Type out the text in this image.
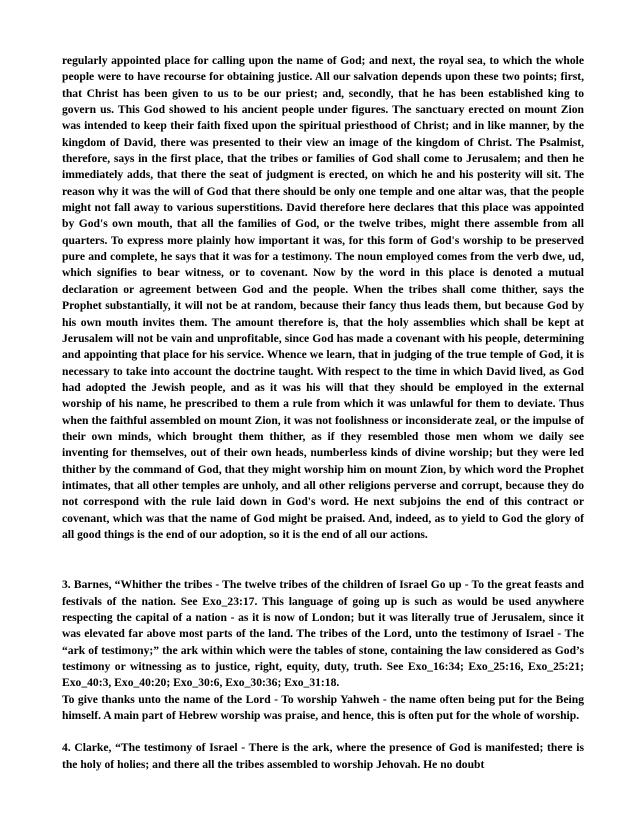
regularly appointed place for calling upon the name of God; and next, the royal sea, to which the whole people were to have recourse for obtaining justice. All our salvation depends upon these two points; first, that Christ has been given to us to be our priest; and, secondly, that he has been established king to govern us. This God showed to his ancient people under figures. The sanctuary erected on mount Zion was intended to keep their faith fixed upon the spiritual priesthood of Christ; and in like manner, by the kingdom of David, there was presented to their view an image of the kingdom of Christ. The Psalmist, therefore, says in the first place, that the tribes or families of God shall come to Jerusalem; and then he immediately adds, that there the seat of judgment is erected, on which he and his posterity will sit. The reason why it was the will of God that there should be only one temple and one altar was, that the people might not fall away to various superstitions. David therefore here declares that this place was appointed by God's own mouth, that all the families of God, or the twelve tribes, might there assemble from all quarters. To express more plainly how important it was, for this form of God's worship to be preserved pure and complete, he says that it was for a testimony. The noun employed comes from the verb dwe, ud, which signifies to bear witness, or to covenant. Now by the word in this place is denoted a mutual declaration or agreement between God and the people. When the tribes shall come thither, says the Prophet substantially, it will not be at random, because their fancy thus leads them, but because God by his own mouth invites them. The amount therefore is, that the holy assemblies which shall be kept at Jerusalem will not be vain and unprofitable, since God has made a covenant with his people, determining and appointing that place for his service. Whence we learn, that in judging of the true temple of God, it is necessary to take into account the doctrine taught. With respect to the time in which David lived, as God had adopted the Jewish people, and as it was his will that they should be employed in the external worship of his name, he prescribed to them a rule from which it was unlawful for them to deviate. Thus when the faithful assembled on mount Zion, it was not foolishness or inconsiderate zeal, or the impulse of their own minds, which brought them thither, as if they resembled those men whom we daily see inventing for themselves, out of their own heads, numberless kinds of divine worship; but they were led thither by the command of God, that they might worship him on mount Zion, by which word the Prophet intimates, that all other temples are unholy, and all other religions perverse and corrupt, because they do not correspond with the rule laid down in God's word. He next subjoins the end of this contract or covenant, which was that the name of God might be praised. And, indeed, as to yield to God the glory of all good things is the end of our adoption, so it is the end of all our actions.

3. Barnes, “Whither the tribes - The twelve tribes of the children of Israel Go up - To the great feasts and festivals of the nation. See Exo_23:17. This language of going up is such as would be used anywhere respecting the capital of a nation - as it is now of London; but it was literally true of Jerusalem, since it was elevated far above most parts of the land. The tribes of the Lord, unto the testimony of Israel - The “ark of testimony;” the ark within which were the tables of stone, containing the law considered as God’s testimony or witnessing as to justice, right, equity, duty, truth. See Exo_16:34; Exo_25:16, Exo_25:21; Exo_40:3, Exo_40:20; Exo_30:6, Exo_30:36; Exo_31:18.

To give thanks unto the name of the Lord - To worship Yahweh - the name often being put for the Being himself. A main part of Hebrew worship was praise, and hence, this is often put for the whole of worship.

4. Clarke, “The testimony of Israel - There is the ark, where the presence of God is manifested; there is the holy of holies; and there all the tribes assembled to worship Jehovah. He no doubt
